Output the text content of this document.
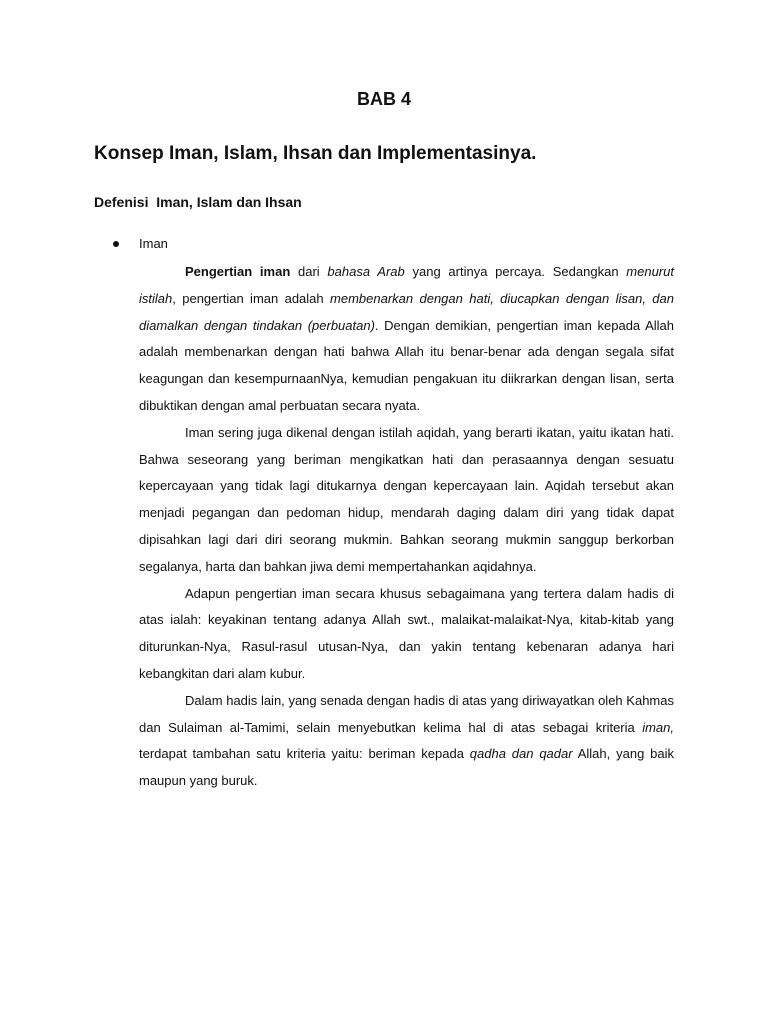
BAB 4
Konsep Iman, Islam, Ihsan dan Implementasinya.
Defenisi  Iman, Islam dan Ihsan
Iman

Pengertian iman dari bahasa Arab yang artinya percaya. Sedangkan menurut istilah, pengertian iman adalah membenarkan dengan hati, diucapkan dengan lisan, dan diamalkan dengan tindakan (perbuatan). Dengan demikian, pengertian iman kepada Allah adalah membenarkan dengan hati bahwa Allah itu benar-benar ada dengan segala sifat keagungan dan kesempurnaanNya, kemudian pengakuan itu diikrarkan dengan lisan, serta dibuktikan dengan amal perbuatan secara nyata.

Iman sering juga dikenal dengan istilah aqidah, yang berarti ikatan, yaitu ikatan hati. Bahwa seseorang yang beriman mengikatkan hati dan perasaannya dengan sesuatu kepercayaan yang tidak lagi ditukarnya dengan kepercayaan lain. Aqidah tersebut akan menjadi pegangan dan pedoman hidup, mendarah daging dalam diri yang tidak dapat dipisahkan lagi dari diri seorang mukmin. Bahkan seorang mukmin sanggup berkorban segalanya, harta dan bahkan jiwa demi mempertahankan aqidahnya.

Adapun pengertian iman secara khusus sebagaimana yang tertera dalam hadis di atas ialah: keyakinan tentang adanya Allah swt., malaikat-malaikat-Nya, kitab-kitab yang diturunkan-Nya, Rasul-rasul utusan-Nya, dan yakin tentang kebenaran adanya hari kebangkitan dari alam kubur.

Dalam hadis lain, yang senada dengan hadis di atas yang diriwayatkan oleh Kahmas dan Sulaiman al-Tamimi, selain menyebutkan kelima hal di atas sebagai kriteria iman, terdapat tambahan satu kriteria yaitu: beriman kepada qadha dan qadar Allah, yang baik maupun yang buruk.
